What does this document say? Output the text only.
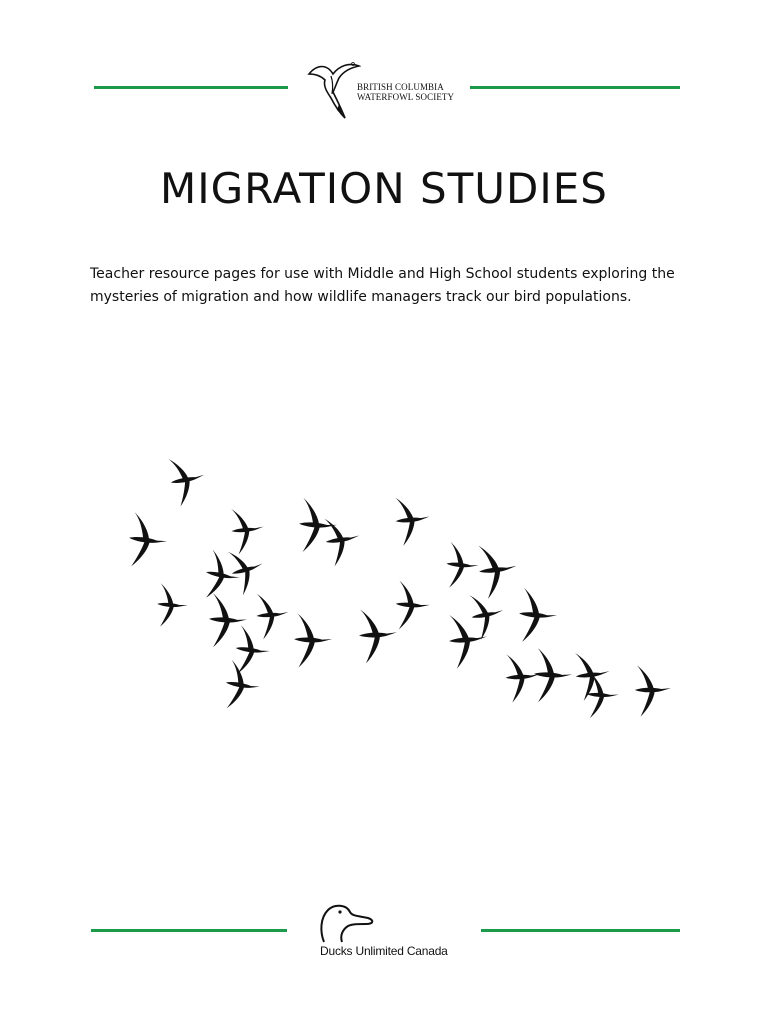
BRITISH COLUMBIA
WATERFOWL SOCIETY
MIGRATION STUDIES

Teacher resource pages for use with Middle and High School students exploring the mysteries of migration and how wildlife managers track our bird populations.

Ducks Unlimited Canada
